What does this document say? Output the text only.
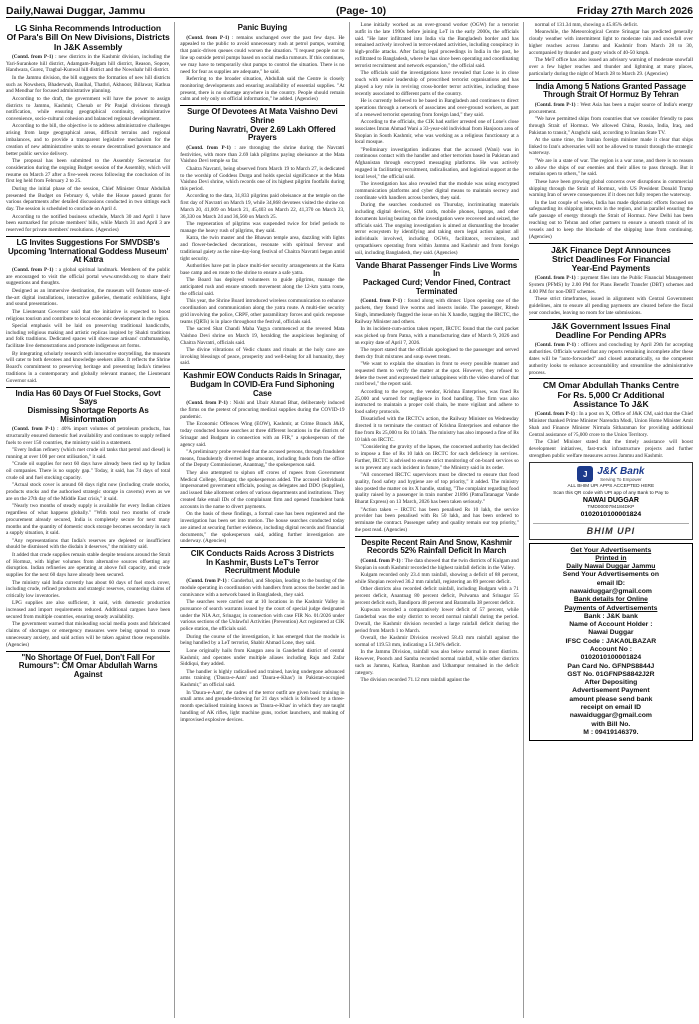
Daily,Nawai Duggar, Jammu	(Page- 10)	Friday 27th March 2026
LG Sinha Recommends Introduction
Of Para's Bill On New Divisions, Districts
In J&K Assembly

(Contd. from P-1) : new districts in the Kashmir division, including the Yari-Surankote hill district, Adamgam-Palgam hill district, Reason, Sopore, Handwara, Gurez, Tragbal-Kunwal hill district and the Nowshahr hill district.

In the Jammu division, the bill suggests the formation of new hill districts such as Nowshera, Bhaderwah, Banihal, Thathri, Akhnoor, Billawar, Kathua and Mendhar for focused administrative planning.

According to the draft, the government will have the power to assign districts to Jammu, Kashmir, Chenab or Pir Panjal divisions through notification, while ensuring geographical continuity, administrative convenience, socio-cultural cohesion and balanced regional development.

According to the bill, the objective is to address administrative challenges arising from large geographical areas, difficult terrains and regional imbalances, and to provide a transparent legislative mechanism for the creation of new administrative units to ensure decentralised governance and better public service delivery.

The proposal has been submitted to the Assembly Secretariat for consideration during the ongoing Budget session of the Assembly, which will resume on March 27 after a five-week recess following the conclusion of its first leg held from February 2 to 25.

During the initial phase of the session, Chief Minister Omar Abdullah presented the Budget on February 6, while the House passed grants for various departments after detailed discussions conducted in two sittings each day. The session is scheduled to conclude on April 4.

According to the notified business schedule, March 30 and April 1 have been earmarked for private members' bills, while March 31 and April 3 are reserved for private members' resolutions. (Agencies)

LG Invites Suggestions For SMVDSB's
Upcoming 'International Goddess Museum'
At Katra

(Contd. from P-1) : a global spiritual landmark. Members of the public are encouraged to visit the official portal www.smvdsb.org to share their suggestions and thoughts.

Designed as an immersive destination, the museum will feature state-of-the-art digital installations, interactive galleries, thematic exhibitions, light and sound presentations.

The Lieutenant Governor said that the initiative is expected to boost religious tourism and contribute to local economic development in the region.

Special emphasis will be laid on preserving traditional handicrafts, including religious making and artistic replicas inspired by Shakti traditions and folk traditions. Dedicated spaces will showcase artisans' craftsmanship, facilitate live demonstrations and promote indigenous art forms.

By integrating scholarly research with innovative storytelling, the museum will cater to both devotees and knowledge seekers alike. It reflects the Shrine Board's commitment to preserving heritage and presenting India's timeless traditions in a contemporary and globally relevant manner, the Lieutenant Governor said.

India Has 60 Days Of Fuel Stocks, Govt Says
Dismissing Shortage Reports As Misinformation

(Contd. from P-1) : 40% import volumes of petroleum products, has structurally ensured domestic fuel availability and continues to supply refined fuels to over 150 countries, the ministry said in a statement.

"Every Indian refinery (which met crude oil tanks that petrol and diesel) is running at over 100 per cent utilisation," it said.

"Crude oil supplies for next 60 days have already been tied up by Indian oil companies. There is no supply gap." Today, it said, has 74 days of total crude oil and fuel stocking capacity.

"Actual stock cover is around 60 days right now (including crude stocks, products stocks and the authorised strategic storage in caverns) even as we are on the 27th day of the Middle East crisis," it said.

"Nearly two months of steady supply is available for every Indian citizen regardless of what happens globally." "With total two months of crude procurement already secured, India is completely secure for next many months and the quantity of domestic stock storage becomes secondary in such a supply situation, it said.

"Any representations that India's reserves are depleted or insufficient should be dismissed with the disdain it deserves," the ministry said.

It added that crude supplies remain stable despite tensions around the Strait of Hormuz, with higher volumes from alternative sources offsetting any disruption. Indian refineries are operating at above full capacity, and crude supplies for the next 60 days have already been secured.

The ministry said India currently has about 60 days of fuel stock cover, including crude, refined products and strategic reserves, countering claims of critically low inventories.

LPG supplies are also sufficient, it said, with domestic production increased and import requirements reduced. Additional cargoes have been secured from multiple countries, ensuring steady availability.

The government warned that misleading social media posts and fabricated claims of shortages or emergency measures were being spread to create unnecessary anxiety, and said action will be taken against those responsible. (Agencies)

"No Shortage Of Fuel, Don't Fall For
Rumours": CM Omar Abdullah Warns Against
Panic Buying

(Contd. from P-1) : remains unchanged over the past few days. He appealed to the public to avoid unnecessary rush at petrol pumps, warning that panic-driven queues could worsen the situation. "I request people not to line up outside petrol pumps based on social media rumours. If this continues, we may have to temporarily shut pumps to control the situation. There is no need for fear as supplies are adequate," he said.

Referring to the broader situation, Abdullah said the Centre is closely monitoring developments and ensuring availability of essential supplies. "At present, there is no shortage anywhere in the country. People should remain calm and rely only on official information," he added. (Agencies)

Surge Of Devotees At Mata Vaishno Devi Shrine
During Navratri, Over 2.69 Lakh Offered Prayers

(Contd. from P-1) : are thronging the shrine during the Navratri festivities, with more than 2.69 lakh pilgrims paying obeisance at the Mata Vaishno Devi temple so far.

Chaitra Navratri, being observed from March 19 to March 27, is dedicated to the worship of Goddess Durga and holds special significance at the Mata Vaishno Devi shrine, which records one of its highest pilgrim footfalls during this period.

According to the data, 31,833 pilgrims paid obeisance at the temple on the first day of Navratri on March 19, while 34,868 devotees visited the shrine on March 20, 41,009 on March 21, 45,403 on March 22, 41,370 on March 23, 36,330 on March 24 and 36,560 on March 25.

The regeneration of pilgrims was suspended twice for brief periods to manage the heavy rush of pilgrims, they said.

Katra, the twin master and the Bhawan temple area, dazzling with lights and flower-bedecked decorations, resonate with spiritual fervour and traditional gaiety as the nine-day-long festival of Chaitra Navratri began amid tight security.

Authorities have put in place multi-tier security arrangements at the Katra base camp and en route to the shrine to ensure a safe yatra.

The Board has deployed volunteers to guide pilgrims, manage the anticipated rush and ensure smooth movement along the 12-km yatra route, the official said.

This year, the Shrine Board introduced wireless communication to enhance coordination and communication along the yatra route. A multi-tier security grid involving the police, CRPF, other paramilitary forces and quick response teams (QRTs) is in place throughout the festival, officials said.

The sacred Shat Chandi Maha Yagya commenced at the revered Mata Vaishno Devi shrine on March 19, heralding the auspicious beginning of Chaitra Navratri, officials said.

The divine vibrations of Vedic chants and rituals at the holy cave are invoking blessings of peace, prosperity and well-being for all humanity, they said.

Kashmir EOW Conducts Raids In Srinagar,
Budgam In COVID-Era Fund Siphoning Case

(Contd. from P-1) : Nishi and Ubair Ahmad Bhat, deliberately induced the firms on the pretext of procuring medical supplies during the COVID-19 pandemic.

The Economic Offences Wing (EOW), Kashmir, at Crime Branch J&K, today conducted house searches at three different locations in the districts of Srinagar and Budgam in connection with an FIR," a spokesperson of the agency said.

"A preliminary probe revealed that the accused persons, through fraudulent means, fraudulently diverted huge amounts, including funds from the office of the Deputy Commissioner, Anantnag," the spokesperson said.

They also attempted to siphon off crores of rupees from Government Medical College, Srinagar, the spokesperson added. The accused individuals impersonated government officials, posing as delegates and DDO (Supplies), and issued fake allotment orders of various departments and institutions. They created fake email IDs of the complainant firm and opened fraudulent bank accounts in the name to divert payments.

On the basis of these findings, a formal case has been registered and the investigation has been set into motion. The house searches conducted today are aimed at securing further evidence, including digital records and financial documents," the spokesperson said, adding further investigation are underway. (Agencies)

CIK Conducts Raids Across 3 Districts
In Kashmir, Busts LeT's Terror
Recruitment Module

(Contd. from P-1) : Ganderbal, and Shopian, leading to the busting of the module operating in coordination with handlers from across the border and in connivance with a network based in Bangladesh, they said.

The searches were carried out at 10 locations in the Kashmir Valley in pursuance of search warrants issued by the court of special judge designated under the NIA Act, Srinagar, in connection with case FIR No. 01/2026 under various sections of the Unlawful Activities (Prevention) Act registered at CIK police station, the officials said.

During the course of the investigation, it has emerged that the module is being handled by a LeT terrorist, Shabir Ahmad Lone, they said.

Lone originally hails from Kangan area in Ganderbal district of central Kashmir, and operates under multiple aliases including Raju and Zafar Siddiqui, they added.

The handler is highly radicalised and trained, having undergone advanced arms training ('Daura-e-Aam' and 'Daura-e-Khas') in Pakistan-occupied Kashmir," an official said.

In 'Daura-e-Aam', the cadres of the terror outfit are given basic training in small arms and grenade-throwing for 21 days which is followed by a three-month specialised training known as 'Daura-e-Khas' in which they are taught handling of AK rifles, light machine guns, rocket launchers, and making of improvised explosive devices.

Lone initially worked as an over-ground worker (OGW) for a terrorist outfit in the late 1990s before joining LeT in the early 2000s, the officials said. "He later infiltrated into India via the Bangladesh border and has remained actively involved in terror-related activities, including conspiracy in high-profile attacks. After facing legal proceedings in India in the past, he exfiltrated to Bangladesh, where he has since been operating and coordinating terrorist recruitment and network expansion," the official said.

The officials said the investigations have revealed that Lone is in close touch with senior leadership of proscribed terrorist organisations and has played a key role in reviving cross-border terror activities, including those recently associated to different parts of the country.

He is currently believed to be based in Bangladesh and continues to direct operations through a network of associates and over-ground workers, as part of a renewed terrorist operating from foreign land," they said.

According to the officials, the CIK had earlier arrested one of Lone's close associates Imran Ahmad Wani a 33-year-old individual from Hanjoora area of Shopian in South Kashmir, who was working as a religious functionary at a local mosque.

"Preliminary investigation indicates that the accused (Wani) was in continuous contact with the handler and other terrorists based in Pakistan and Afghanistan through encrypted messaging platforms. He was actively engaged in facilitating recruitment, radicalisation, and logistical support at the local level," the official said.

The investigation has also revealed that the module was using encrypted communication platforms and cyber digital means to maintain secrecy and coordinate with handlers across borders, they said.

During the searches conducted on Thursday, incriminating materials including digital devices, SIM cards, mobile phones, laptops, and other documents having bearing on the investigation were recovered and seized, the officials said. The ongoing investigation is aimed at dismantling the broader terror ecosystem by identifying and taking stern legal action against all individuals involved, including OGWs, facilitators, recruiters, and sympathisers operating from within Jammu and Kashmir and from foreign soil, including Bangladesh, they said. (Agencies)

Vande Bharat Passenger Finds Live Worms In
Packaged Curd; Vendor Fined, Contract
Terminated

(Contd. from P-1) : found along with dinner. Upon opening one of the packets, they found live worms and insects inside. The passenger, Ritesh Singh, immediately flagged the issue on his X handle, tagging the IRCTC, the Railway Minister and others.

In its incident-cum-action taken report, IRCTC found that the curd packet was picked up from Patna, with a manufacturing date of March 9, 2026 and an expiry date of April 7, 2026.

The report stated that the officials apologised to the passenger and served them dry fruit mixtures and soup sweet treats.

"We want to explain the situation in front to every possible manner and requested them to verify the matter at the spot. However, they refused to delete the tweet and expressed their unhappiness with the video shared of that curd bowl," the report said.

According to the report, the vendor, Krishna Enterprises, was fined Rs 25,000 and warned for negligence in food handling. The firm was also instructed to maintain a proper cold chain, be more vigilant and adhere to food safety protocols.

Dissatisfied with the IRCTC's action, the Railway Minister on Wednesday directed it to terminate the contract of Krishna Enterprises and enhance the fine from Rs 25,000 to Rs 10 lakh. The ministry has also imposed a fine of Rs 10 lakh on IRCTC.

"Considering the gravity of the lapses, the concerned authority has decided to impose a fine of Rs 10 lakh on IRCTC for such deficiency in services. Further, IRCTC is advised to ensure strict monitoring of on-board services so as to prevent any such incident in future," the Ministry said in its order.

"All concerned IRCTC supervisors must be directed to ensure that food quality, food safety and hygiene are of top priority," it added. The ministry also posted the matter on its X handle, stating, "The complaint regarding food quality raised by a passenger in train number 21896 (PatnaTatanagar Vande Bharat Express) on 13 March, 2026 has been taken seriously."

"Action taken -- IRCTC has been penalised Rs 10 lakh, the service provider has been penalised with Rs 50 lakh, and has been ordered to terminate the contract. Passenger safety and quality remain our top priority," the post read. (Agencies)

Despite Recent Rain And Snow, Kashmir
Records 52% Rainfall Deficit In March

(Contd. from P-1) : The data showed that the twin districts of Kulgam and Shopian in south Kashmir recorded the highest rainfall deficits in the Valley.

Kulgam recorded only 23.4 mm rainfall, showing a deficit of 88 percent, while Shopian received 36.2 mm rainfall, registering an 89 percent deficit.

Other districts also recorded deficit rainfall, including Budgam with a 71 percent deficit, Anantnag 80 percent deficit, Pulwama and Srinagar 55 percent deficit each, Bandipora 48 percent and Baramulla 38 percent deficit.

Kupwara recorded a comparatively lower deficit of 57 percent, while Ganderbal was the only district to record normal rainfall during the period. Overall, the Kashmir division recorded a large rainfall deficit during the period from March 1 to March.

Overall, the Kashmir Division received 58.43 mm rainfall against the normal of 119.53 mm, indicating a 51.94% deficit.

In the Jammu Division, rainfall was also below normal in most districts. However, Poonch and Samba recorded normal rainfall, while other districts such as Jammu, Kathua, Ramban and Udhampur remained in the deficit category.

The division recorded 71.12 mm rainfall against the

normal of 131.34 mm, showing a 45.85% deficit.

Meanwhile, the Meteorological Centre Srinagar has predicted generally cloudy weather with intermittent light to moderate rain and snowfall over higher reaches across Jammu and Kashmir from March 28 to 30, accompanied by thunder and gusty winds of 40-50 kmph.

The MeT office has also issued an advisory warning of moderate snowfall over a few higher reaches and thunder and lightning at many places, particularly during the night of March 28 to March 29. (Agencies)

India Among 5 Nations Granted Passage
Through Strait Of Hormuz By Tehran

(Contd. from P-1) : West Asia has been a major source of India's energy procurement.

"We have permitted ships from countries that we consider friendly to pass through Strait of Hormuz. We allowed China, Russia, India, Iraq, and Pakistan to transit," Araghchi said, according to Iranian State TV.

At the same time, the Iranian foreign minister made it clear that ships linked to Iran's adversaries will not be allowed to transit through the strategic waterway.

"We are in a state of war. The region is a war zone, and there is no reason to allow the ships of our enemies and their allies to pass through. But it remains open to others," he said.

These have been growing global concerns over disruptions in commercial shipping through the Strait of Hormuz, with US President Donald Trump warning Iran of severe consequences if it does not fully reopen the waterway.

In the last couple of weeks, India has made diplomatic efforts focused on safeguarding its shipping interests in the region, and in parallel ensuring the safe passage of energy through the Strait of Hormuz. New Delhi has been reaching out to Tehran and other partners to ensure a smooth transit of its vessels and to keep the blockade of the shipping lane from continuing. (Agencies)

J&K Finance Dept Announces
Strict Deadlines For Financial
Year-End Payments

(Contd. from P-1) : payment files into the Public Financial Management System (PFMS) by 2.00 PM for Plans Benefit Transfer (DBT) schemes and 4.00 PM for non-DBT schemes.

These strict timeframes, issued in alignment with Central Government guidelines, aim to ensure all pending payments are cleared before the fiscal year concludes, leaving no room for late submissions.

J&K Government Issues Final
Deadline For Pending APRs

(Contd. from P-1) : officers and concluding by April 29th for accepting authorities. Officials warned that any reports remaining incomplete after these dates will be "auto-forwarded" and closed automatically, so the competent authority looks to enhance accountability and streamline the administrative process.

CM Omar Abdullah Thanks Centre
For Rs. 5,000 Cr Additional
Assistance To J&K

(Contd. from P-1) : In a post on X, Office of J&K CM, said that the Chief Minister thanked Prime Minister Narendra Modi, Union Home Minister Amit Shah and Finance Minister Nirmala Sitharaman for providing additional Central assistance of ?5,000 crore to the Union Territory.

The Chief Minister stated that the timely assistance will boost development initiatives, fast-track infrastructure projects and further strengthen public welfare measures across Jammu and Kashmir.

J J&K Bank
Serving To Empower
ALL BHIM UPI APPS ACCEPTED HERE
Scan this QR code with UPI app of any Bank to Pay to
NAWAI DUGGAR
TMD0000794184DKP
0102010100001824
BHIM UPI
Get Your Advertisements
Printed in
Daily Nawai Duggar Jammu
Send Your Advertisements on
email ID:
nawaiduggar@gmail.com
Bank details for Online
Payments of Advertisements
Bank : J&K bank
Name of Account Holder :
Nawai Duggar
IFSC Code : JAKA0LBAZAR
Account No :
0102010100001824
Pan Card No. GFNPS8844J
GST No. 01GFNPS8842J2R
After Depositing
Advertisement Payment
amount please send bank
receipt on email ID
nawaiduggar@gmail.com
with Bill No.
M : 09419146379.
